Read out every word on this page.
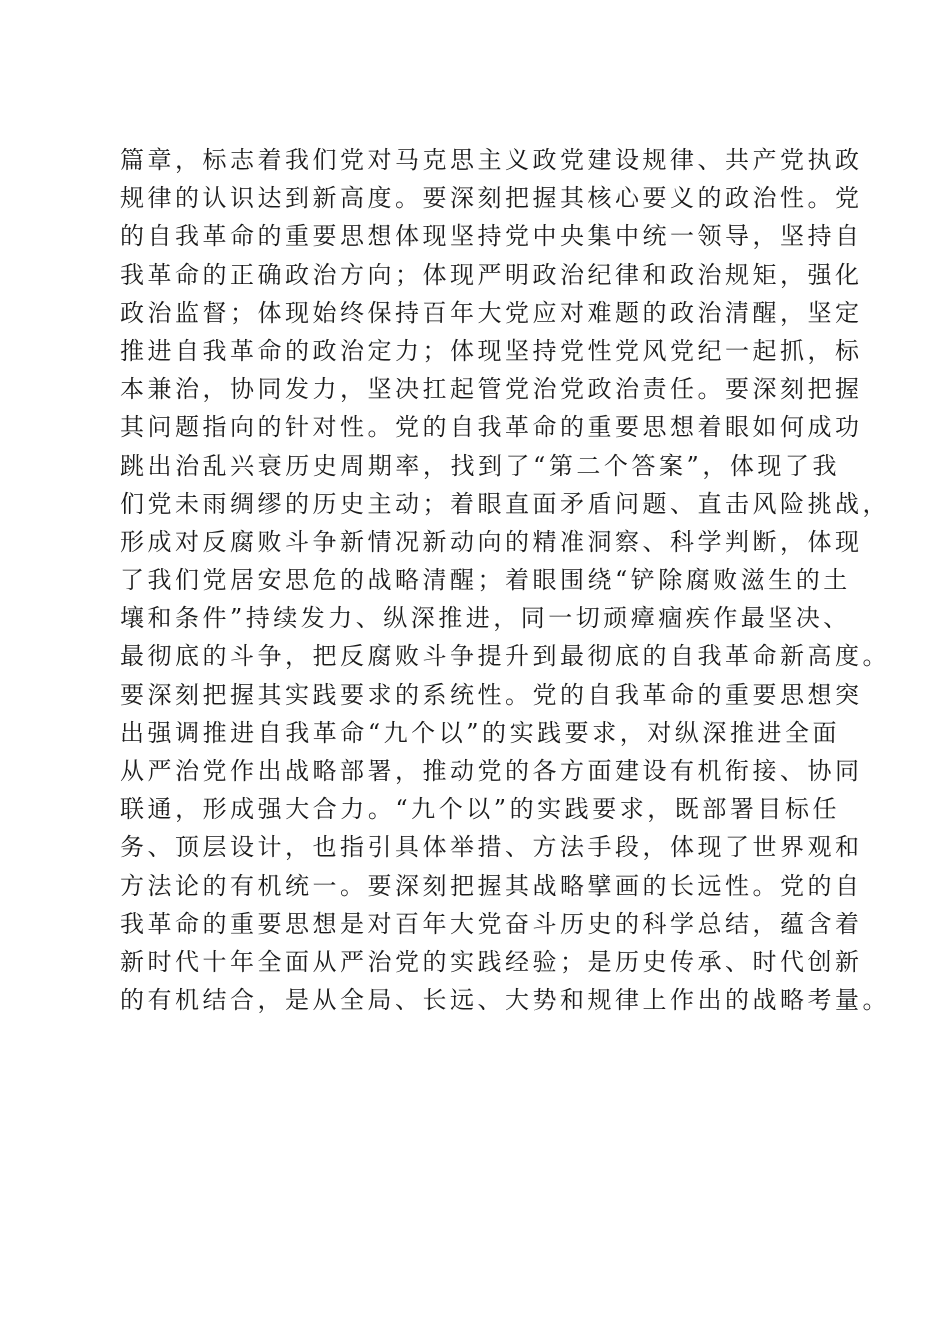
篇章，标志着我们党对马克思主义政党建设规律、共产党执政
规律的认识达到新高度。要深刻把握其核心要义的政治性。党
的自我革命的重要思想体现坚持党中央集中统一领导，坚持自
我革命的正确政治方向；体现严明政治纪律和政治规矩，强化
政治监督；体现始终保持百年大党应对难题的政治清醒，坚定
推进自我革命的政治定力；体现坚持党性党风党纪一起抓，标
本兼治，协同发力，坚决扛起管党治党政治责任。要深刻把握
其问题指向的针对性。党的自我革命的重要思想着眼如何成功
跳出治乱兴衰历史周期率，找到了“第二个答案”，体现了我
们党未雨绸缪的历史主动；着眼直面矛盾问题、直击风险挑战，
形成对反腐败斗争新情况新动向的精准洞察、科学判断，体现
了我们党居安思危的战略清醒；着眼围绕“铲除腐败滋生的土
壤和条件”持续发力、纵深推进，同一切顽瘴痼疾作最坚决、
最彻底的斗争，把反腐败斗争提升到最彻底的自我革命新高度。
要深刻把握其实践要求的系统性。党的自我革命的重要思想突
出强调推进自我革命“九个以”的实践要求，对纵深推进全面
从严治党作出战略部署，推动党的各方面建设有机衔接、协同
联通，形成强大合力。“九个以”的实践要求，既部署目标任
务、顶层设计，也指引具体举措、方法手段，体现了世界观和
方法论的有机统一。要深刻把握其战略擘画的长远性。党的自
我革命的重要思想是对百年大党奋斗历史的科学总结，蕴含着
新时代十年全面从严治党的实践经验；是历史传承、时代创新
的有机结合，是从全局、长远、大势和规律上作出的战略考量。
